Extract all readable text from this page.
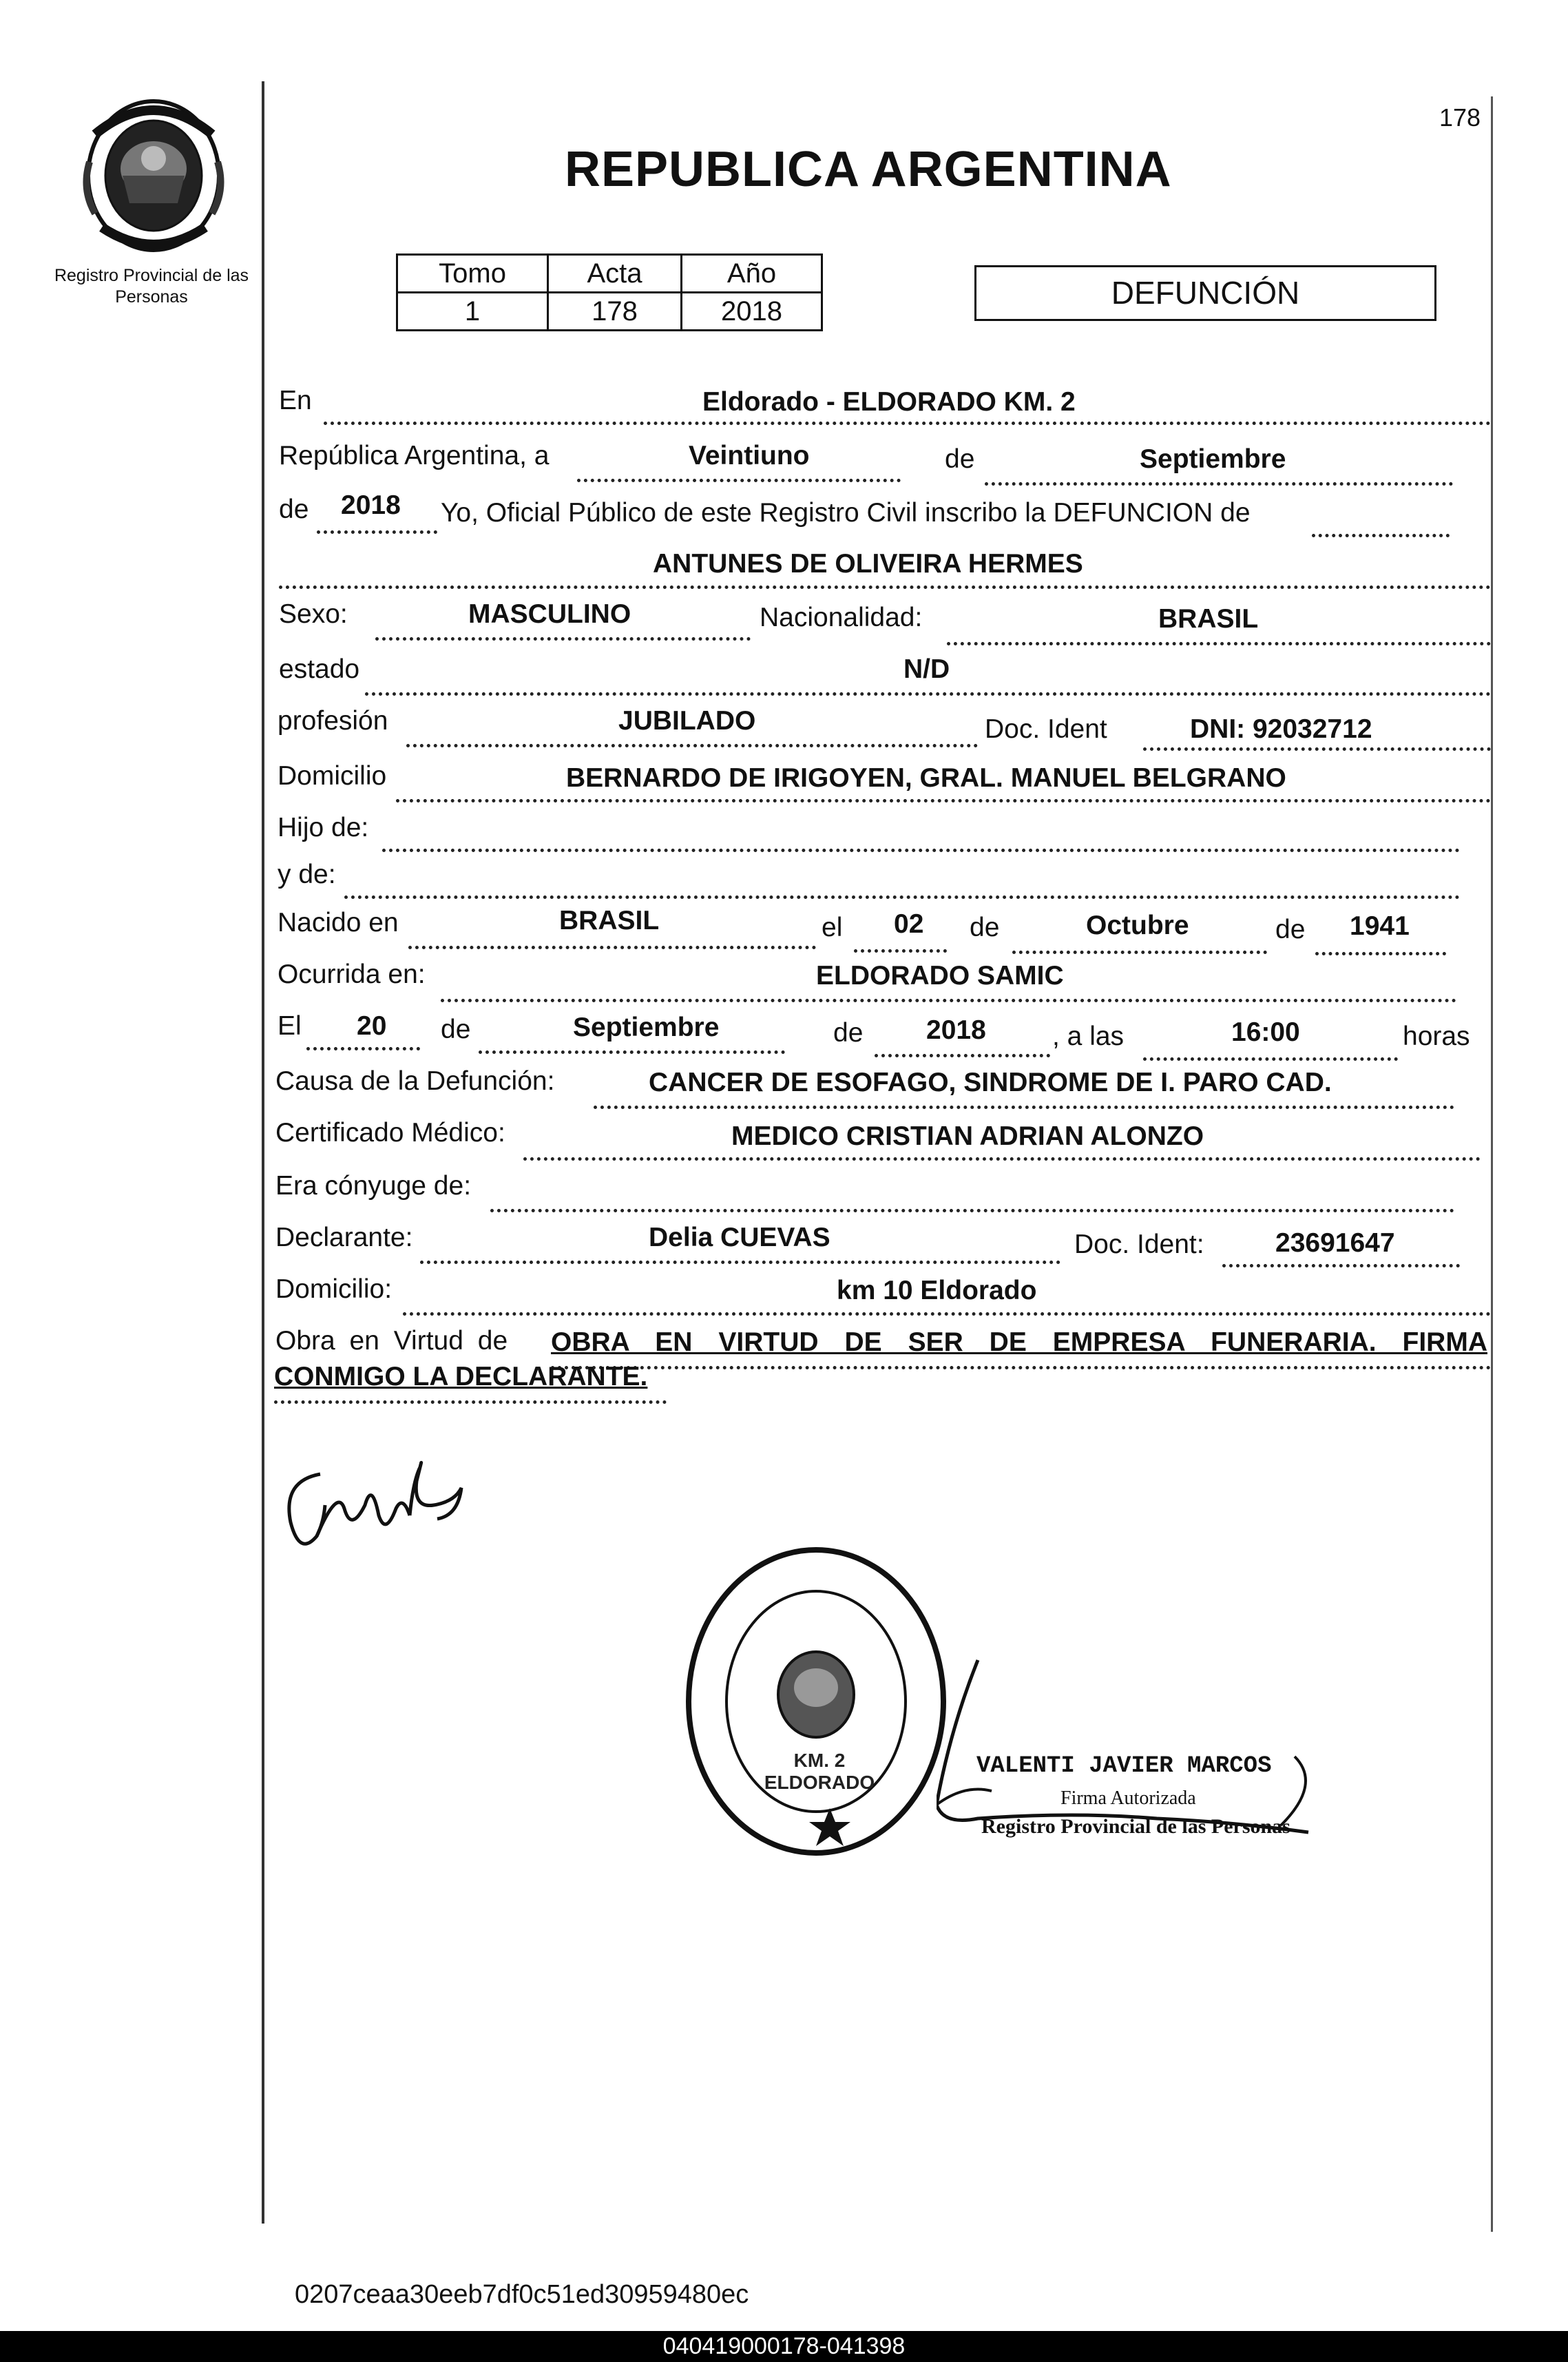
Registro Provincial de las Personas
178
REPUBLICA ARGENTINA
Tomo	Acta	Año
1	178	2018
DEFUNCIÓN
En	Eldorado - ELDORADO KM. 2
República Argentina, a	Veintiuno	de	Septiembre
de 2018 Yo, Oficial Público de este Registro Civil inscribo la DEFUNCION de
ANTUNES DE OLIVEIRA HERMES
Sexo:	MASCULINO	Nacionalidad:	BRASIL
estado	N/D
profesión	JUBILADO	Doc. Ident	DNI: 92032712
Domicilio	BERNARDO DE IRIGOYEN, GRAL. MANUEL BELGRANO
Hijo de:
y de:
Nacido en	BRASIL	el 02 de	Octubre	de 1941
Ocurrida en:	ELDORADO SAMIC
El 20 de	Septiembre	de 2018 , a las	16:00	horas
Causa de la Defunción:	CANCER DE ESOFAGO, SINDROME DE I. PARO CAD.
Certificado Médico:	MEDICO CRISTIAN ADRIAN ALONZO
Era cónyuge de:
Declarante:	Delia CUEVAS	Doc. Ident:	23691647
Domicilio:	km 10 Eldorado
Obra en Virtud de OBRA EN VIRTUD DE SER DE EMPRESA FUNERARIA. FIRMA
CONMIGO LA DECLARANTE.
KM. 2 ELDORADO
VALENTI JAVIER MARCOS
Firma Autorizada
Registro Provincial de las Personas
0207ceaa30eeb7df0c51ed30959480ec
040419000178-041398
